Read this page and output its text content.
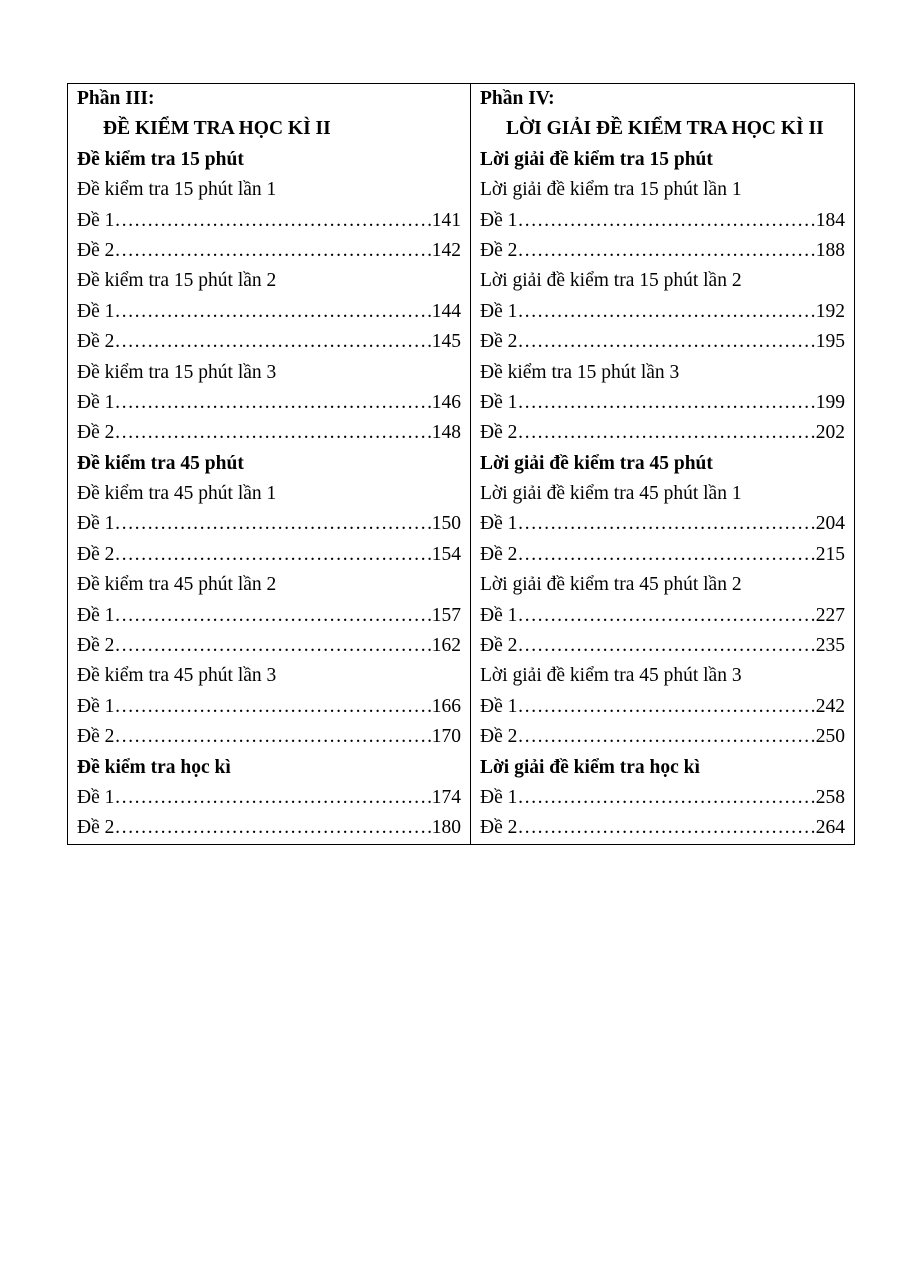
Phần III:
ĐỀ KIỂM TRA HỌC KÌ II
Đề kiểm tra 15 phút
Đề kiểm tra 15 phút lần 1
Đề 1 ……………………………………………………………………………………	141
Đề 2 ……………………………………………………………………………………	142
Đề kiểm tra 15 phút lần 2
Đề 1 ……………………………………………………………………………………	144
Đề 2 ……………………………………………………………………………………	145
Đề kiểm tra 15 phút lần 3
Đề 1 ……………………………………………………………………………………	146
Đề 2 ……………………………………………………………………………………	148
Đề kiểm tra 45 phút
Đề kiểm tra 45 phút lần 1
Đề 1 ……………………………………………………………………………………	150
Đề 2 ……………………………………………………………………………………	154
Đề kiểm tra 45 phút lần 2
Đề 1 ……………………………………………………………………………………	157
Đề 2 ……………………………………………………………………………………	162
Đề kiểm tra 45 phút lần 3
Đề 1 ……………………………………………………………………………………	166
Đề 2 ……………………………………………………………………………………	170
Đề kiểm tra học kì
Đề 1 ……………………………………………………………………………………	174
Đề 2 ……………………………………………………………………………………	180
Phần IV:
LỜI GIẢI ĐỀ KIỂM TRA HỌC KÌ II
Lời giải đề kiểm tra 15 phút
Lời giải đề kiểm tra 15 phút lần 1
Đề 1 ……………………………………………………………………………………	184
Đề 2 ……………………………………………………………………………………	188
Lời giải đề kiểm tra 15 phút lần 2
Đề 1 ……………………………………………………………………………………	192
Đề 2 ……………………………………………………………………………………	195
Đề kiểm tra 15 phút lần 3
Đề 1 ……………………………………………………………………………………	199
Đề 2 ……………………………………………………………………………………	202
Lời giải đề kiểm tra 45 phút
Lời giải đề kiểm tra 45 phút lần 1
Đề 1 ……………………………………………………………………………………	204
Đề 2 ……………………………………………………………………………………	215
Lời giải đề kiểm tra 45 phút lần 2
Đề 1 ……………………………………………………………………………………	227
Đề 2 ……………………………………………………………………………………	235
Lời giải đề kiểm tra 45 phút lần 3
Đề 1 ……………………………………………………………………………………	242
Đề 2 ……………………………………………………………………………………	250
Lời giải đề kiểm tra học kì
Đề 1 ……………………………………………………………………………………	258
Đề 2 ……………………………………………………………………………………	264
